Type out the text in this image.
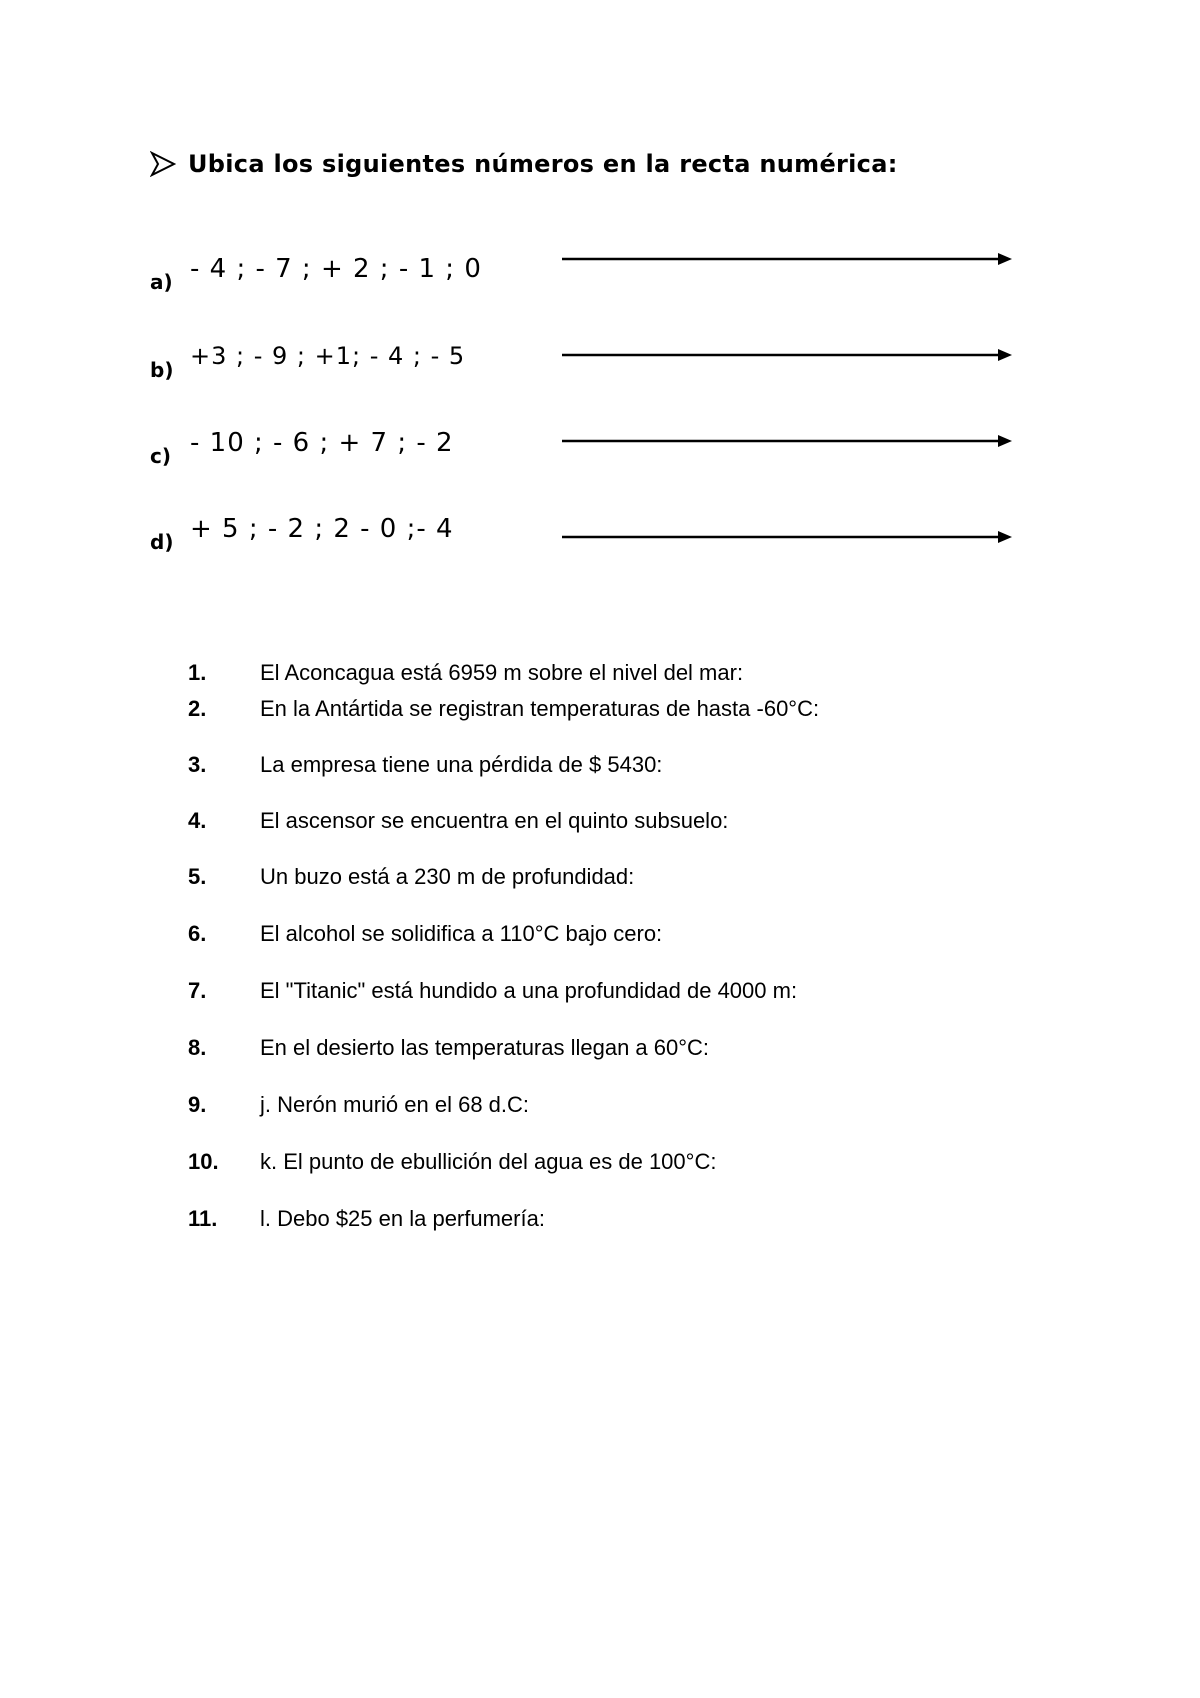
Ubica los siguientes números en la recta numérica:
a) - 4 ; - 7 ; + 2 ; - 1 ; 0
b) +3 ; - 9 ; +1; - 4 ; - 5
c) - 10 ; - 6 ; + 7 ; - 2
d) + 5 ; - 2 ; 2 - 0 ;- 4
1.	El Aconcagua está 6959 m sobre el nivel del mar:
2.	En la Antártida se registran temperaturas de hasta -60°C:
3.	La empresa tiene una pérdida de $ 5430:
4.	El ascensor se encuentra en el quinto subsuelo:
5.	Un buzo está a 230 m de profundidad:
6.	El alcohol se solidifica a 110°C bajo cero:
7.	El "Titanic" está hundido a una profundidad de 4000 m:
8.	En el desierto las temperaturas llegan a 60°C:
9.	j. Nerón murió en el 68 d.C:
10.	k. El punto de ebullición del agua es de 100°C:
11.	l. Debo $25 en la perfumería:
